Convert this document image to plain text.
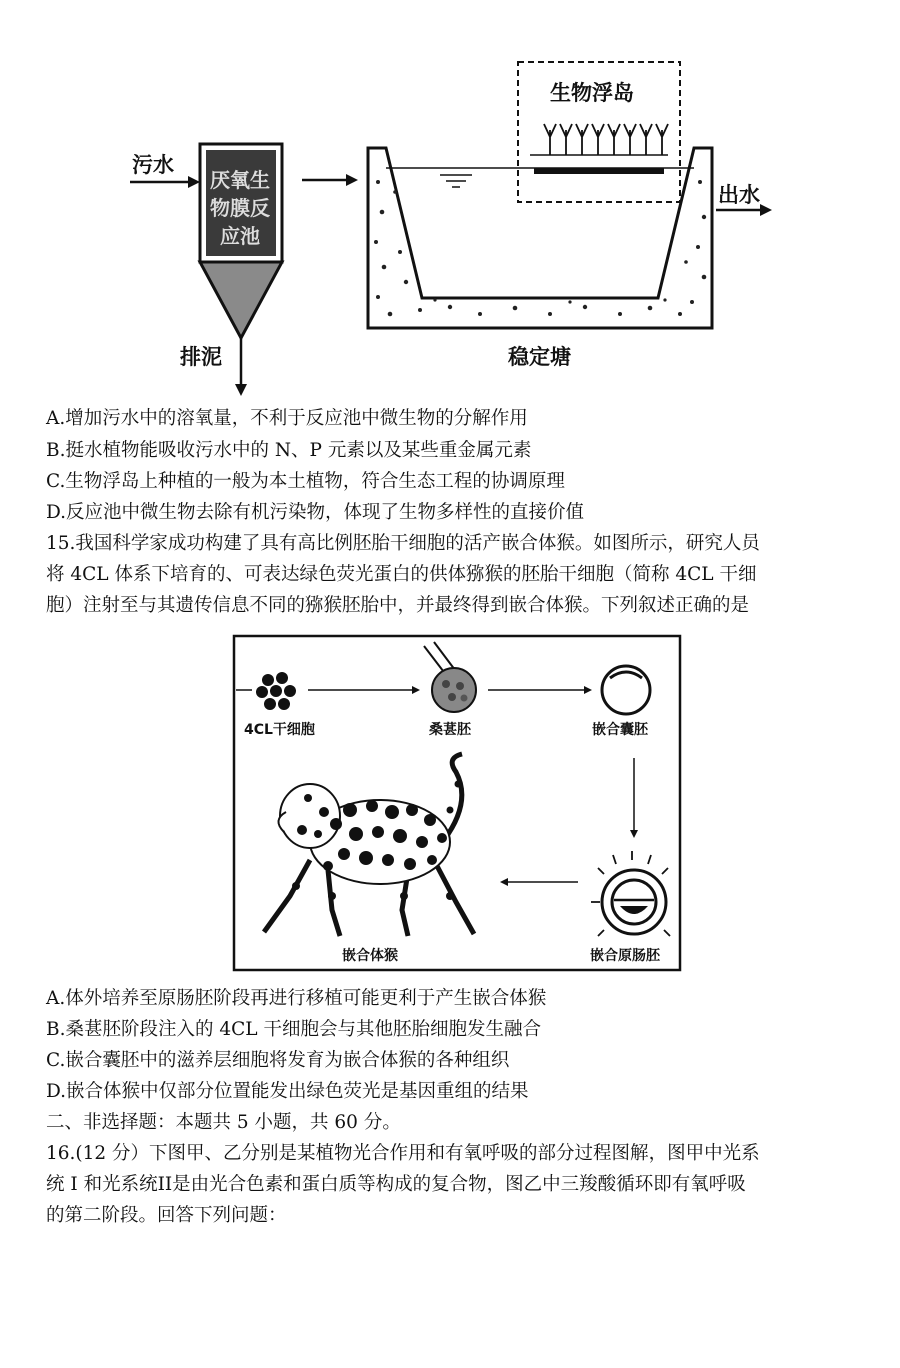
污水
厌氧生
物膜反
应池
排泥
生物浮岛
出水
稳定塘
A.增加污水中的溶氧量，不利于反应池中微生物的分解作用
B.挺水植物能吸收污水中的 N、P 元素以及某些重金属元素
C.生物浮岛上种植的一般为本土植物，符合生态工程的协调原理
D.反应池中微生物去除有机污染物，体现了生物多样性的直接价值
15.我国科学家成功构建了具有高比例胚胎干细胞的活产嵌合体猴。如图所示，研究人员
将 4CL 体系下培育的、可表达绿色荧光蛋白的供体猕猴的胚胎干细胞（简称 4CL 干细
胞）注射至与其遗传信息不同的猕猴胚胎中，并最终得到嵌合体猴。下列叙述正确的是
4CL干细胞	桑葚胚	嵌合囊胚
嵌合原肠胚
嵌合体猴
A.体外培养至原肠胚阶段再进行移植可能更利于产生嵌合体猴
B.桑葚胚阶段注入的 4CL 干细胞会与其他胚胎细胞发生融合
C.嵌合囊胚中的滋养层细胞将发育为嵌合体猴的各种组织
D.嵌合体猴中仅部分位置能发出绿色荧光是基因重组的结果
二、非选择题：本题共 5 小题，共 60 分。
16.(12 分）下图甲、乙分别是某植物光合作用和有氧呼吸的部分过程图解，图甲中光系
统 I 和光系统II是由光合色素和蛋白质等构成的复合物，图乙中三羧酸循环即有氧呼吸
的第二阶段。回答下列问题：
